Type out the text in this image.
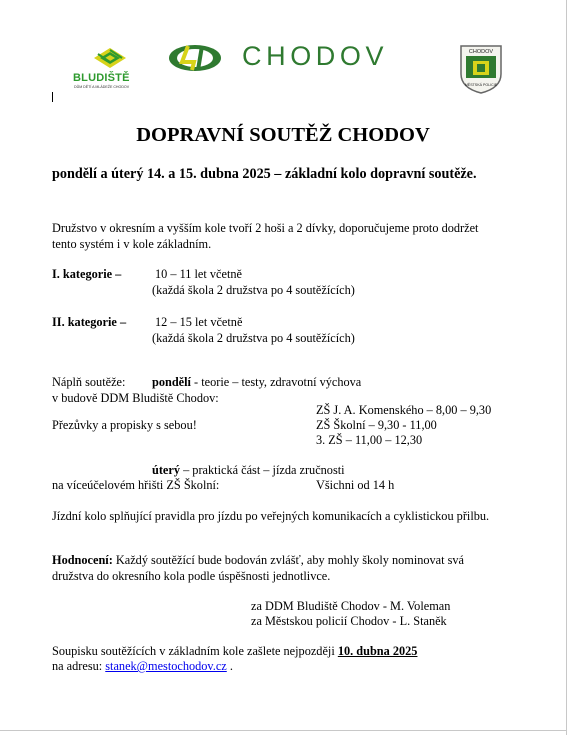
BLUDIŠTĚ
DŮM DĚTÍ A MLÁDEŽE CHODOV
CHODOV	CHODOV
MĚSTSKÁ POLICIE
DOPRAVNÍ SOUTĚŽ CHODOV
pondělí a úterý 14. a 15. dubna 2025 – základní kolo dopravní soutěže.
Družstvo v okresním a vyšším kole tvoří 2 hoši a 2 dívky, doporučujeme proto dodržet
tento systém i v kole základním.
I. kategorie –	10 – 11 let včetně
(každá škola 2 družstva po 4 soutěžících)
II. kategorie – 12 – 15 let včetně
(každá škola 2 družstva po 4 soutěžících)
Náplň soutěže: pondělí - teorie – testy, zdravotní výchova
v budově DDM Bludiště Chodov:
ZŠ J. A. Komenského – 8,00 – 9,30
Přezůvky a propisky s sebou!	ZŠ Školní – 9,30 - 11,00
3. ZŠ – 11,00 – 12,30
úterý – praktická část – jízda zručnosti
na víceúčelovém hřišti ZŠ Školní:	Všichni od 14 h
Jízdní kolo splňující pravidla pro jízdu po veřejných komunikacích a cyklistickou přilbu.
Hodnocení: Každý soutěžící bude bodován zvlášť, aby mohly školy nominovat svá
družstva do okresního kola podle úspěšnosti jednotlivce.
za DDM Bludiště Chodov - M. Voleman
za Městskou policií Chodov - L. Staněk
Soupisku soutěžících v základním kole zašlete nejpozději 10. dubna 2025
na adresu: stanek@mestochodov.cz .
